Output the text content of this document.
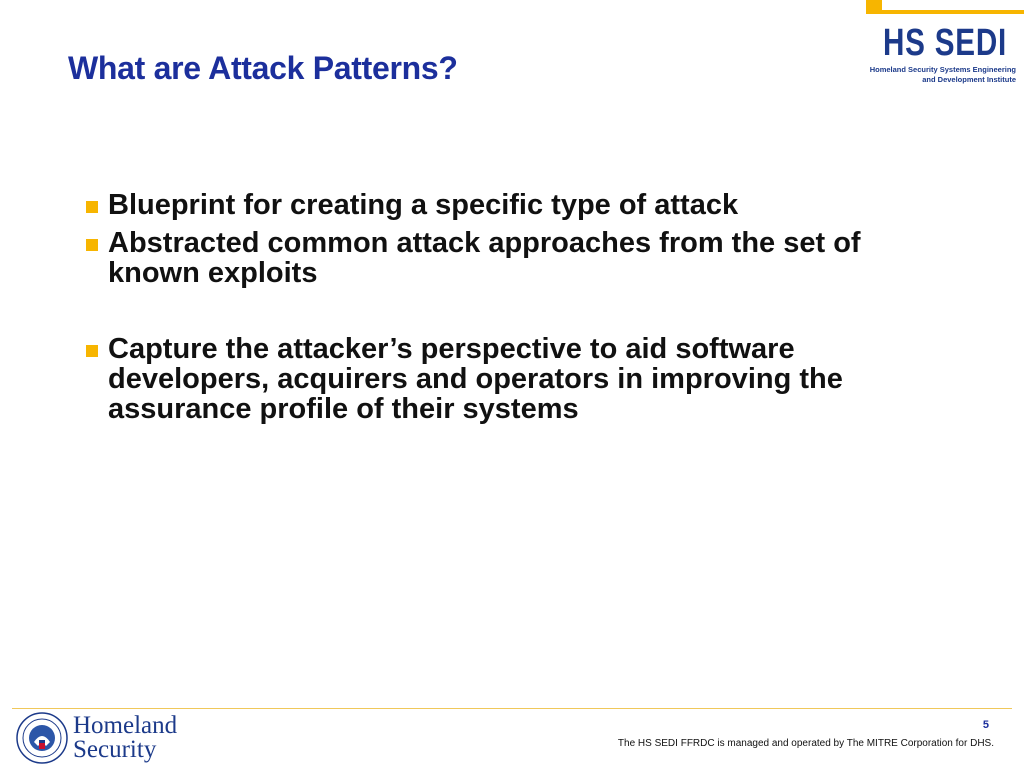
What are Attack Patterns?
HS SEDI
Homeland Security Systems Engineering and Development Institute
Blueprint for creating a specific type of attack
Abstracted common attack approaches from the set of known exploits
Capture the attacker’s perspective to aid software developers, acquirers and operators in improving the assurance profile of their systems
Homeland Security
5
The HS SEDI FFRDC is managed and operated by The MITRE Corporation for DHS.
